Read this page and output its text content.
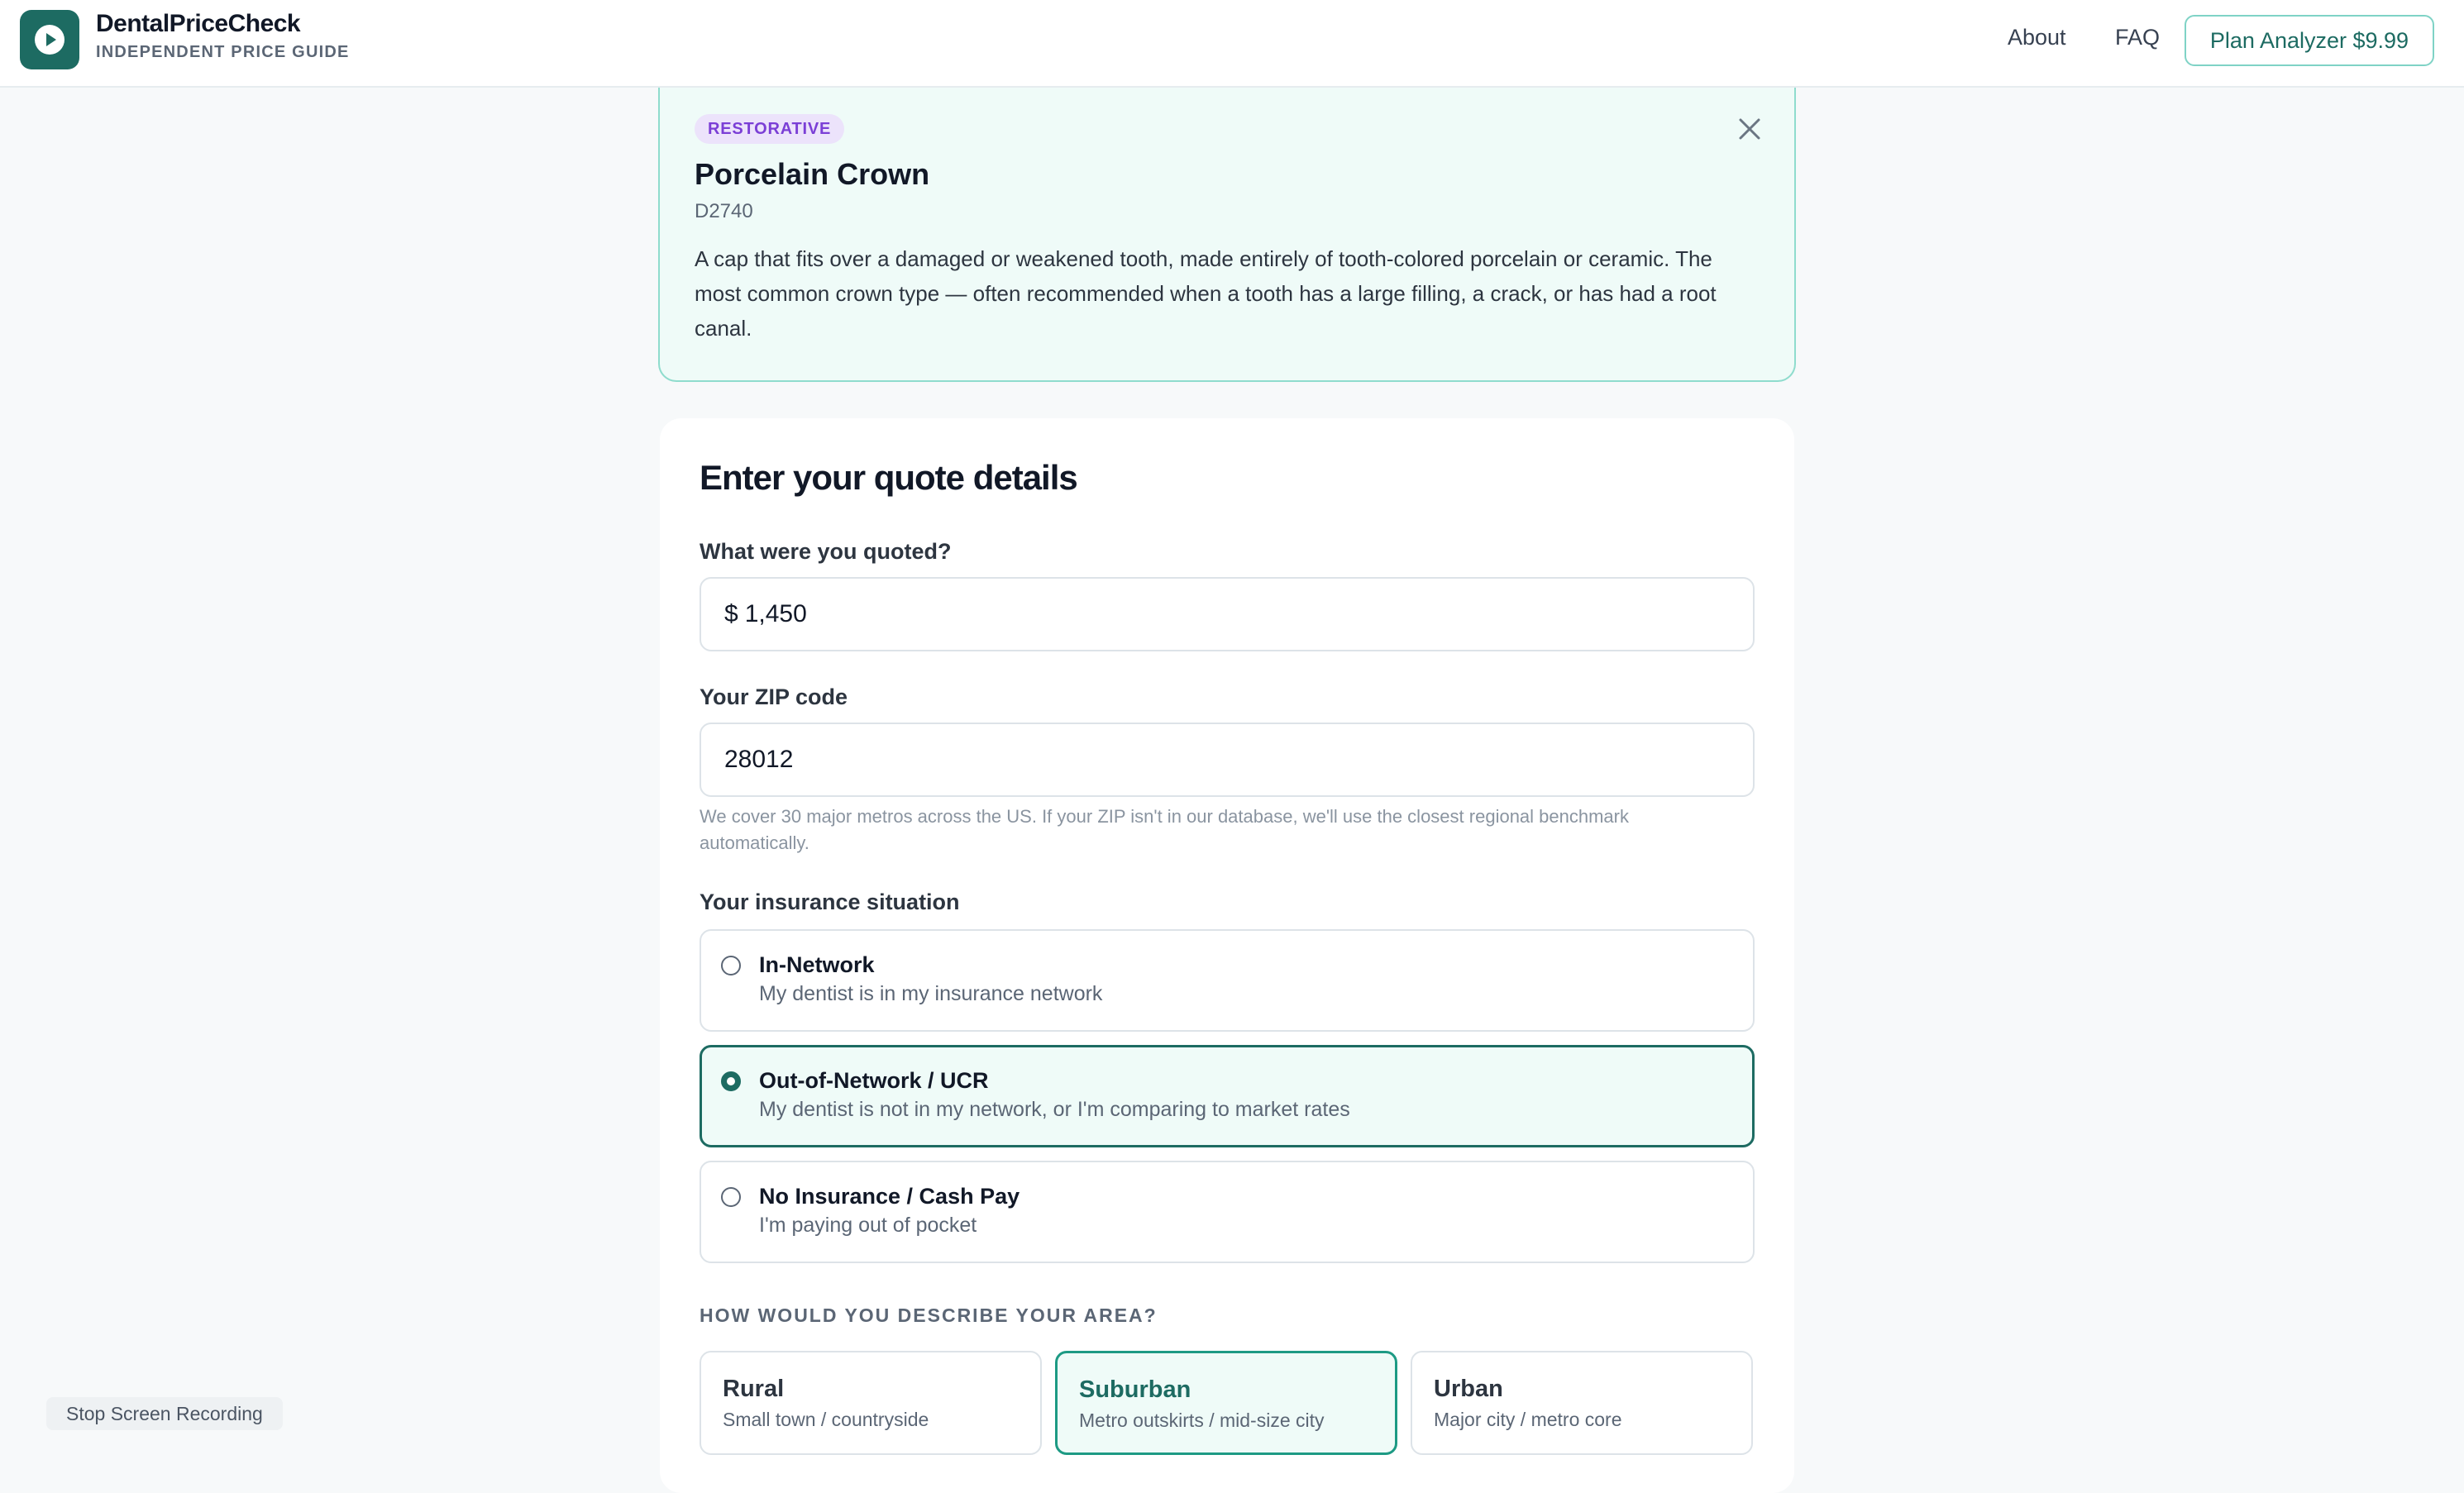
DentalPriceCheck
INDEPENDENT PRICE GUIDE
About FAQ	Plan Analyzer $9.99
RESTORATIVE
Porcelain Crown
D2740
A cap that fits over a damaged or weakened tooth, made entirely of tooth-colored porcelain or ceramic. The most common crown type — often recommended when a tooth has a large filling, a crack, or has had a root canal.
Enter your quote details
What were you quoted?
$ 1,450
Your ZIP code
28012
We cover 30 major metros across the US. If your ZIP isn't in our database, we'll use the closest regional benchmark automatically.
Your insurance situation
In-Network
My dentist is in my insurance network
Out-of-Network / UCR
My dentist is not in my network, or I'm comparing to market rates
No Insurance / Cash Pay
I'm paying out of pocket
HOW WOULD YOU DESCRIBE YOUR AREA?
Rural
Small town / countryside
Suburban
Metro outskirts / mid-size city
Urban
Major city / metro core
Stop Screen Recording
